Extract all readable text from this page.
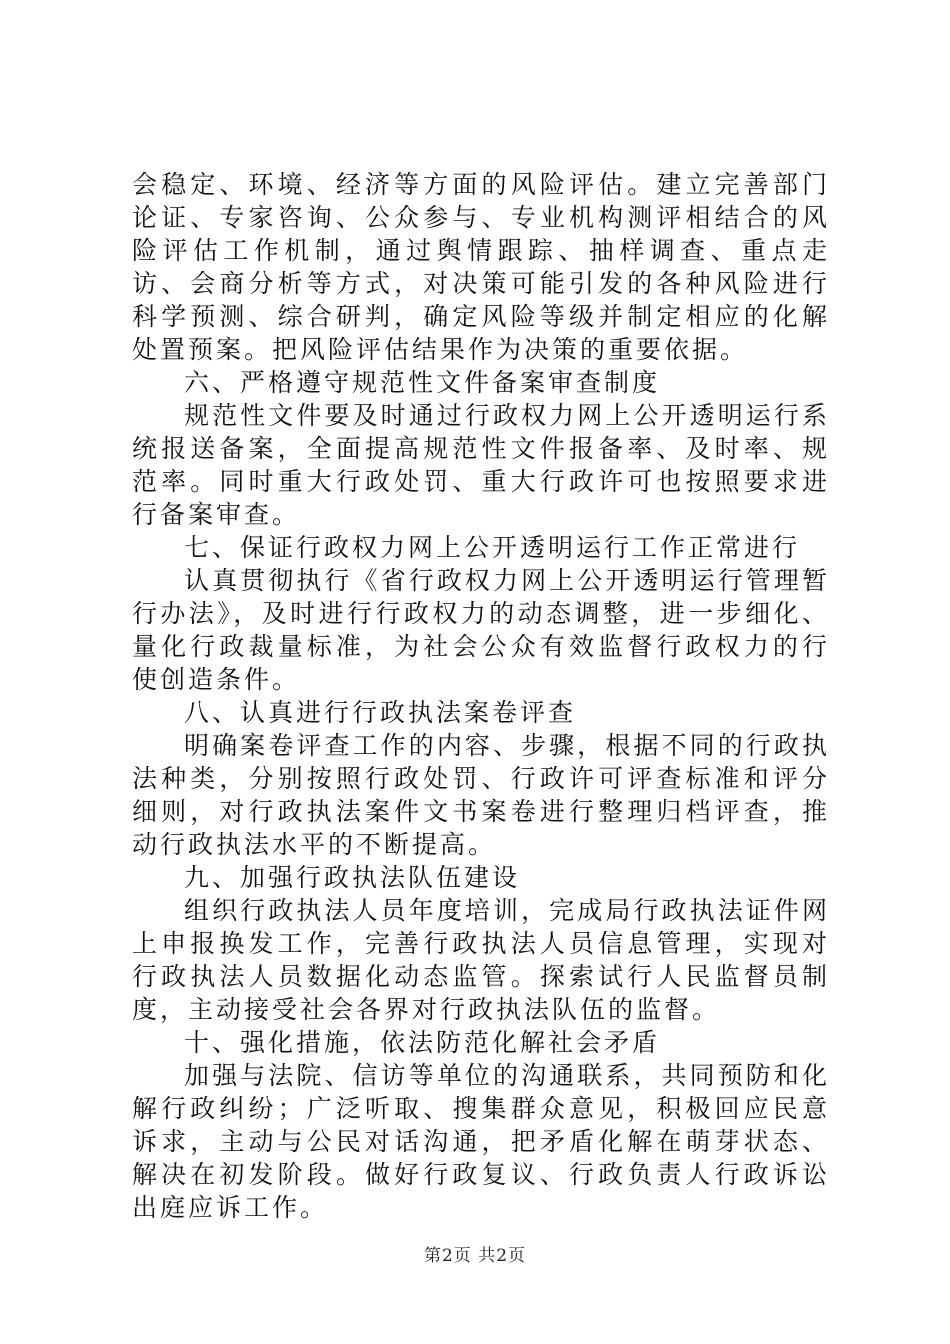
会稳定、环境、经济等方面的风险评估。建立完善部门论证、专家咨询、公众参与、专业机构测评相结合的风险评估工作机制，通过舆情跟踪、抽样调查、重点走访、会商分析等方式，对决策可能引发的各种风险进行科学预测、综合研判，确定风险等级并制定相应的化解处置预案。把风险评估结果作为决策的重要依据。

六、严格遵守规范性文件备案审查制度

规范性文件要及时通过行政权力网上公开透明运行系统报送备案，全面提高规范性文件报备率、及时率、规范率。同时重大行政处罚、重大行政许可也按照要求进行备案审查。

七、保证行政权力网上公开透明运行工作正常进行

认真贯彻执行《省行政权力网上公开透明运行管理暂行办法》，及时进行行政权力的动态调整，进一步细化、量化行政裁量标准，为社会公众有效监督行政权力的行使创造条件。

八、认真进行行政执法案卷评查

明确案卷评查工作的内容、步骤，根据不同的行政执法种类，分别按照行政处罚、行政许可评查标准和评分细则，对行政执法案件文书案卷进行整理归档评查，推动行政执法水平的不断提高。

九、加强行政执法队伍建设

组织行政执法人员年度培训，完成局行政执法证件网上申报换发工作，完善行政执法人员信息管理，实现对行政执法人员数据化动态监管。探索试行人民监督员制度，主动接受社会各界对行政执法队伍的监督。

十、强化措施，依法防范化解社会矛盾

加强与法院、信访等单位的沟通联系，共同预防和化解行政纠纷；广泛听取、搜集群众意见，积极回应民意诉求，主动与公民对话沟通，把矛盾化解在萌芽状态、解决在初发阶段。做好行政复议、行政负责人行政诉讼出庭应诉工作。

第2页 共2页
